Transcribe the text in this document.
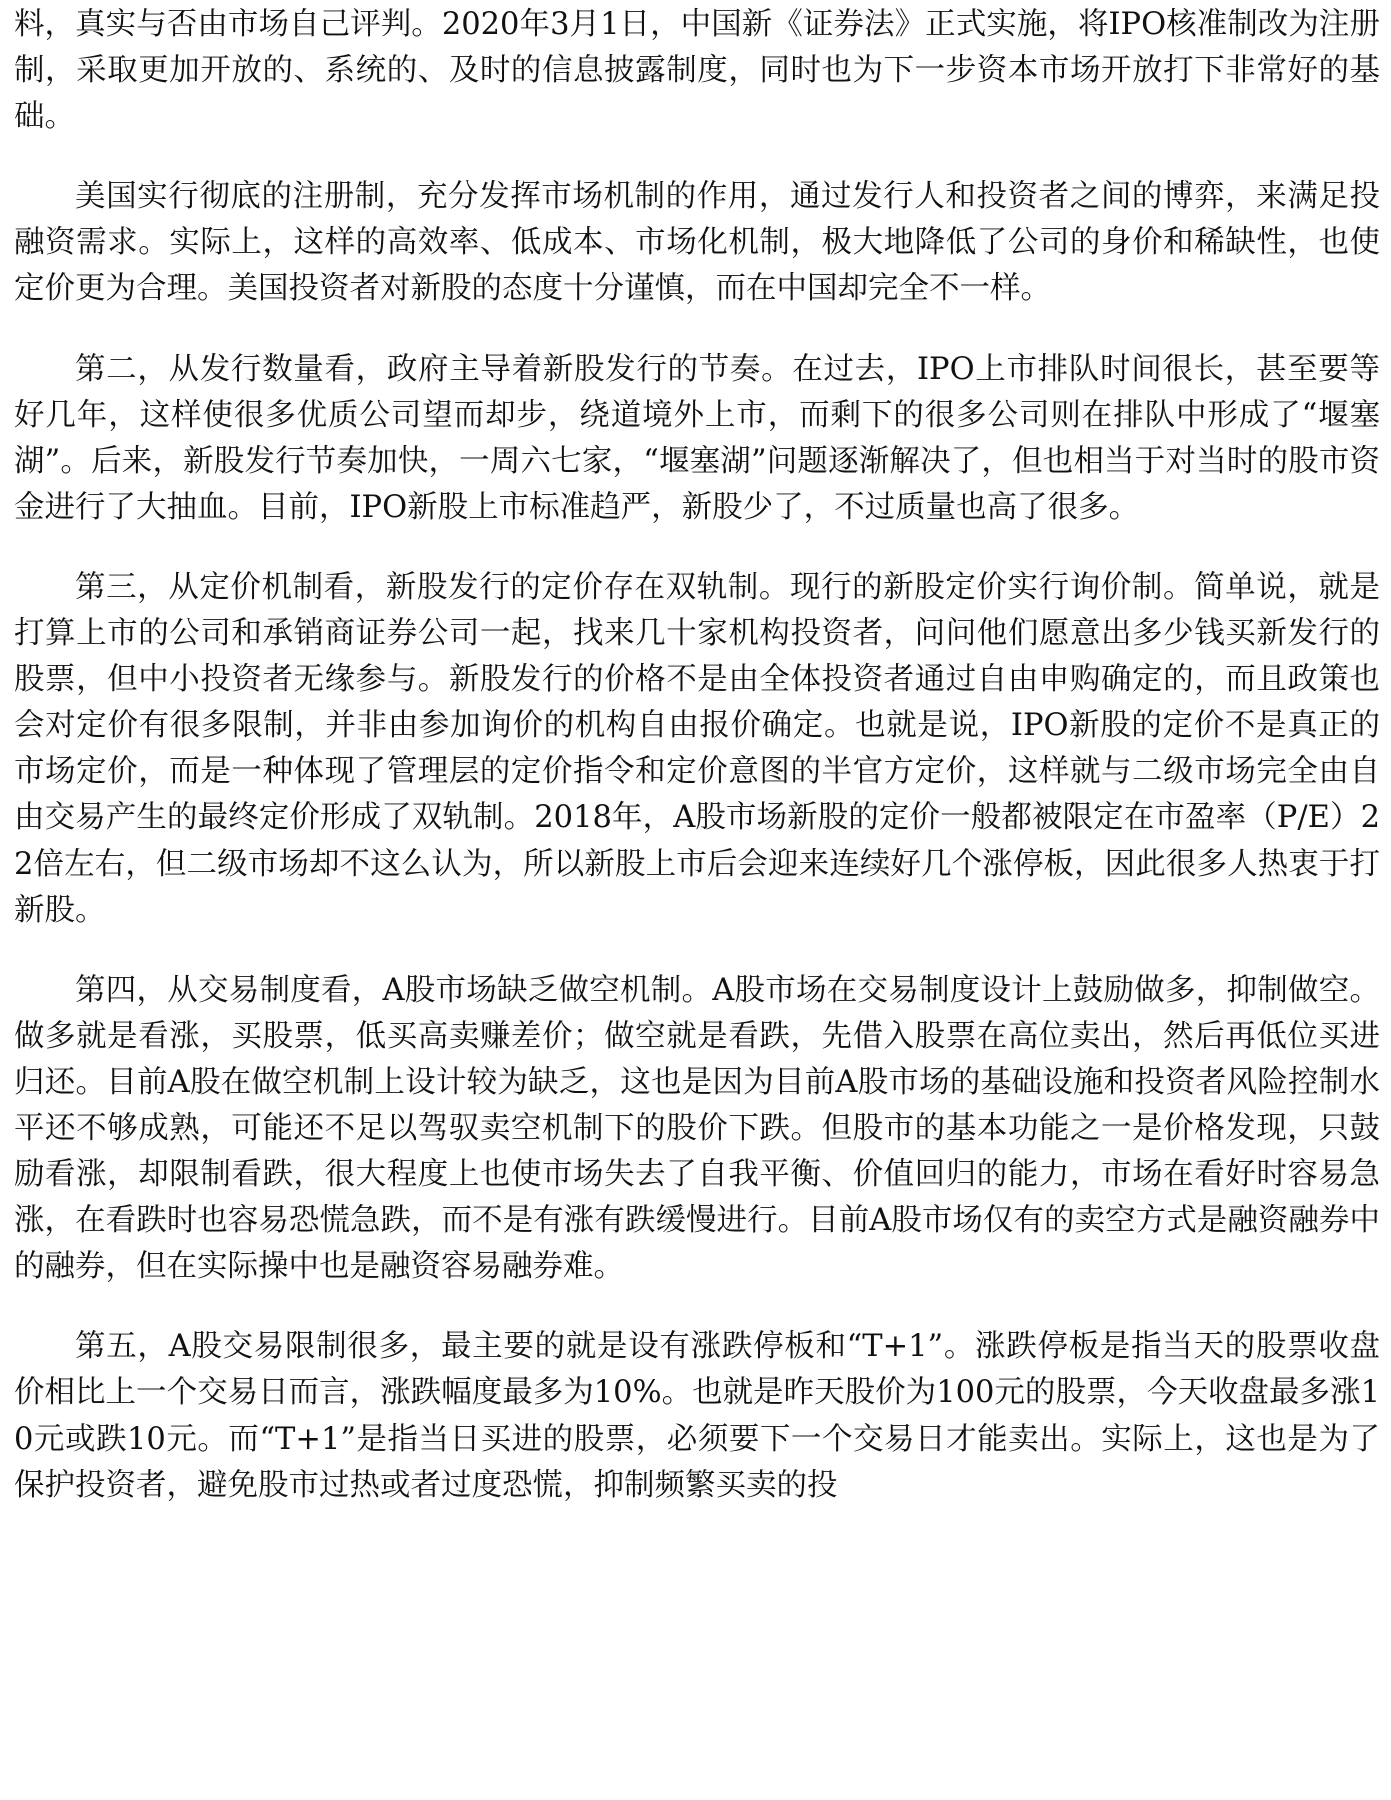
料，真实与否由市场自己评判。2020年3月1日，中国新《证券法》正式实施，将IPO核准制改为注册制，采取更加开放的、系统的、及时的信息披露制度，同时也为下一步资本市场开放打下非常好的基础。

美国实行彻底的注册制，充分发挥市场机制的作用，通过发行人和投资者之间的博弈，来满足投融资需求。实际上，这样的高效率、低成本、市场化机制，极大地降低了公司的身价和稀缺性，也使定价更为合理。美国投资者对新股的态度十分谨慎，而在中国却完全不一样。

第二，从发行数量看，政府主导着新股发行的节奏。在过去，IPO上市排队时间很长，甚至要等好几年，这样使很多优质公司望而却步，绕道境外上市，而剩下的很多公司则在排队中形成了“堰塞湖”。后来，新股发行节奏加快，一周六七家，“堰塞湖”问题逐渐解决了，但也相当于对当时的股市资金进行了大抽血。目前，IPO新股上市标准趋严，新股少了，不过质量也高了很多。

第三，从定价机制看，新股发行的定价存在双轨制。现行的新股定价实行询价制。简单说，就是打算上市的公司和承销商证券公司一起，找来几十家机构投资者，问问他们愿意出多少钱买新发行的股票，但中小投资者无缘参与。新股发行的价格不是由全体投资者通过自由申购确定的，而且政策也会对定价有很多限制，并非由参加询价的机构自由报价确定。也就是说，IPO新股的定价不是真正的市场定价，而是一种体现了管理层的定价指令和定价意图的半官方定价，这样就与二级市场完全由自由交易产生的最终定价形成了双轨制。2018年，A股市场新股的定价一般都被限定在市盈率（P/E）22倍左右，但二级市场却不这么认为，所以新股上市后会迎来连续好几个涨停板，因此很多人热衷于打新股。

第四，从交易制度看，A股市场缺乏做空机制。A股市场在交易制度设计上鼓励做多，抑制做空。做多就是看涨，买股票，低买高卖赚差价；做空就是看跌，先借入股票在高位卖出，然后再低位买进归还。目前A股在做空机制上设计较为缺乏，这也是因为目前A股市场的基础设施和投资者风险控制水平还不够成熟，可能还不足以驾驭卖空机制下的股价下跌。但股市的基本功能之一是价格发现，只鼓励看涨，却限制看跌，很大程度上也使市场失去了自我平衡、价值回归的能力，市场在看好时容易急涨，在看跌时也容易恐慌急跌，而不是有涨有跌缓慢进行。目前A股市场仅有的卖空方式是融资融券中的融券，但在实际操中也是融资容易融券难。

第五，A股交易限制很多，最主要的就是设有涨跌停板和“T+1”。涨跌停板是指当天的股票收盘价相比上一个交易日而言，涨跌幅度最多为10%。也就是昨天股价为100元的股票，今天收盘最多涨10元或跌10元。而“T+1”是指当日买进的股票，必须要下一个交易日才能卖出。实际上，这也是为了保护投资者，避免股市过热或者过度恐慌，抑制频繁买卖的投
